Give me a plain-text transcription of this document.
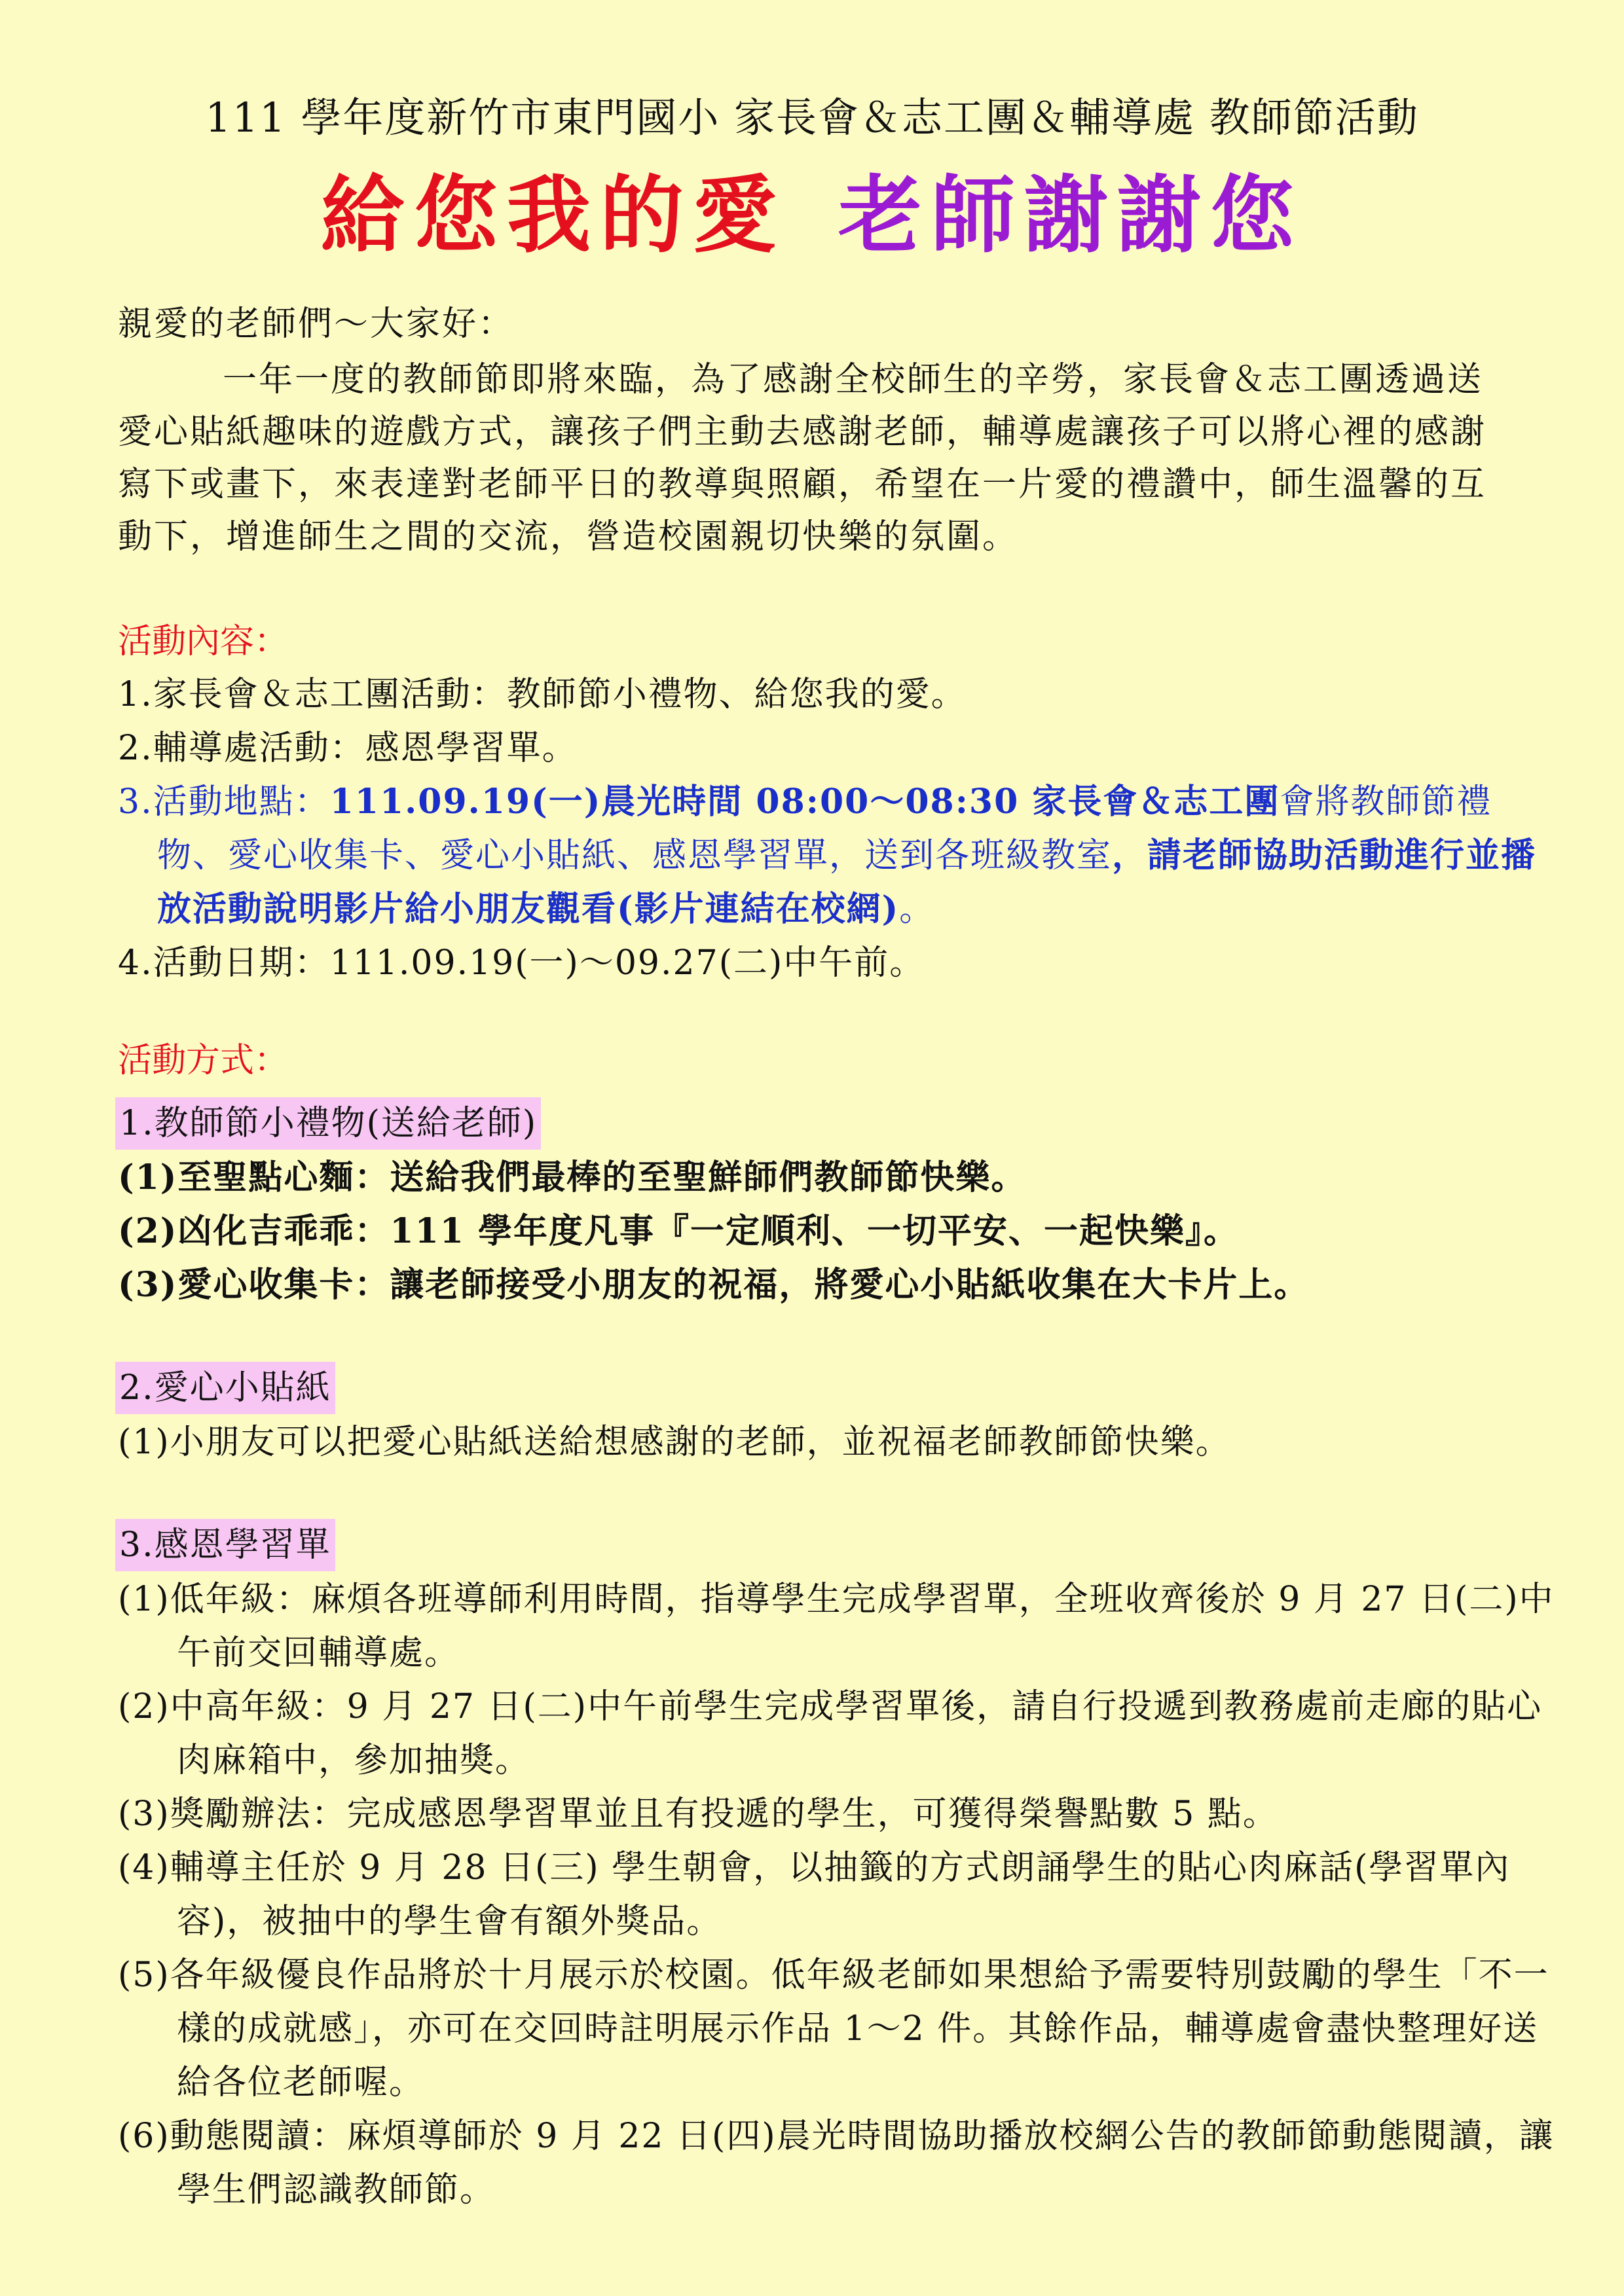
111 學年度新竹市東門國小 家長會＆志工團＆輔導處 教師節活動
給您我的愛 老師謝謝您
親愛的老師們～大家好：
一年一度的教師節即將來臨，為了感謝全校師生的辛勞，家長會＆志工團透過送愛心貼紙趣味的遊戲方式，讓孩子們主動去感謝老師，輔導處讓孩子可以將心裡的感謝寫下或畫下，來表達對老師平日的教導與照顧，希望在一片愛的禮讚中，師生溫馨的互動下，增進師生之間的交流，營造校園親切快樂的氛圍。
活動內容：
1.家長會＆志工團活動：教師節小禮物、給您我的愛。
2.輔導處活動：感恩學習單。
3.活動地點：111.09.19(一)晨光時間 08:00～08:30 家長會＆志工團會將教師節禮物、愛心收集卡、愛心小貼紙、感恩學習單，送到各班級教室，請老師協助活動進行並播放活動說明影片給小朋友觀看(影片連結在校網)。
4.活動日期：111.09.19(一)～09.27(二)中午前。
活動方式：
1.教師節小禮物(送給老師)
(1)至聖點心麵：送給我們最棒的至聖鮮師們教師節快樂。
(2)凶化吉乖乖：111 學年度凡事『一定順利、一切平安、一起快樂』。
(3)愛心收集卡：讓老師接受小朋友的祝福，將愛心小貼紙收集在大卡片上。
2.愛心小貼紙
(1)小朋友可以把愛心貼紙送給想感謝的老師，並祝福老師教師節快樂。
3.感恩學習單
(1)低年級：麻煩各班導師利用時間，指導學生完成學習單，全班收齊後於 9 月 27 日(二)中午前交回輔導處。
(2)中高年級：9 月 27 日(二)中午前學生完成學習單後，請自行投遞到教務處前走廊的貼心肉麻箱中，參加抽獎。
(3)獎勵辦法：完成感恩學習單並且有投遞的學生，可獲得榮譽點數 5 點。
(4)輔導主任於 9 月 28 日(三) 學生朝會，以抽籤的方式朗誦學生的貼心肉麻話(學習單內容)，被抽中的學生會有額外獎品。
(5)各年級優良作品將於十月展示於校園。低年級老師如果想給予需要特別鼓勵的學生「不一樣的成就感」，亦可在交回時註明展示作品 1～2 件。其餘作品，輔導處會盡快整理好送給各位老師喔。
(6)動態閱讀：麻煩導師於 9 月 22 日(四)晨光時間協助播放校網公告的教師節動態閱讀，讓學生們認識教師節。
